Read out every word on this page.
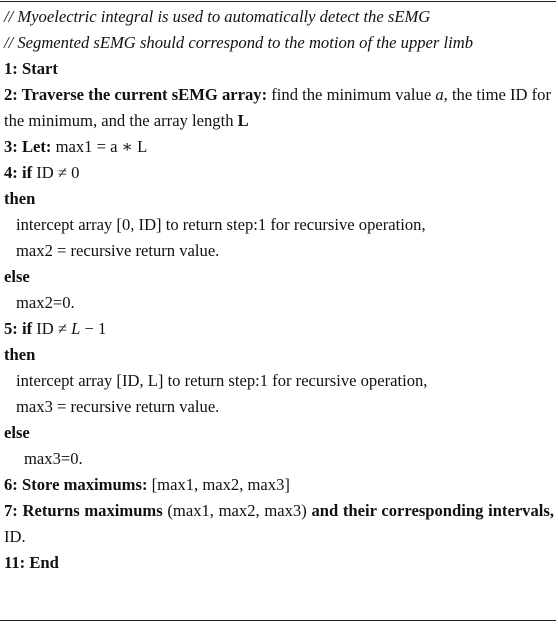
// Myoelectric integral is used to automatically detect the sEMG
// Segmented sEMG should correspond to the motion of the upper limb
1: Start
2: Traverse the current sEMG array: find the minimum value a, the time ID for the minimum, and the array length L
3: Let: max1 = a ∗ L
4: if ID ≠ 0
then
intercept array [0, ID] to return step:1 for recursive operation,
max2 = recursive return value.
else
max2=0.
5: if ID ≠ L − 1
then
intercept array [ID, L] to return step:1 for recursive operation,
max3 = recursive return value.
else
max3=0.
6: Store maximums: [max1, max2, max3]
7: Returns maximums (max1, max2, max3) and their corresponding intervals, ID.
11: End
